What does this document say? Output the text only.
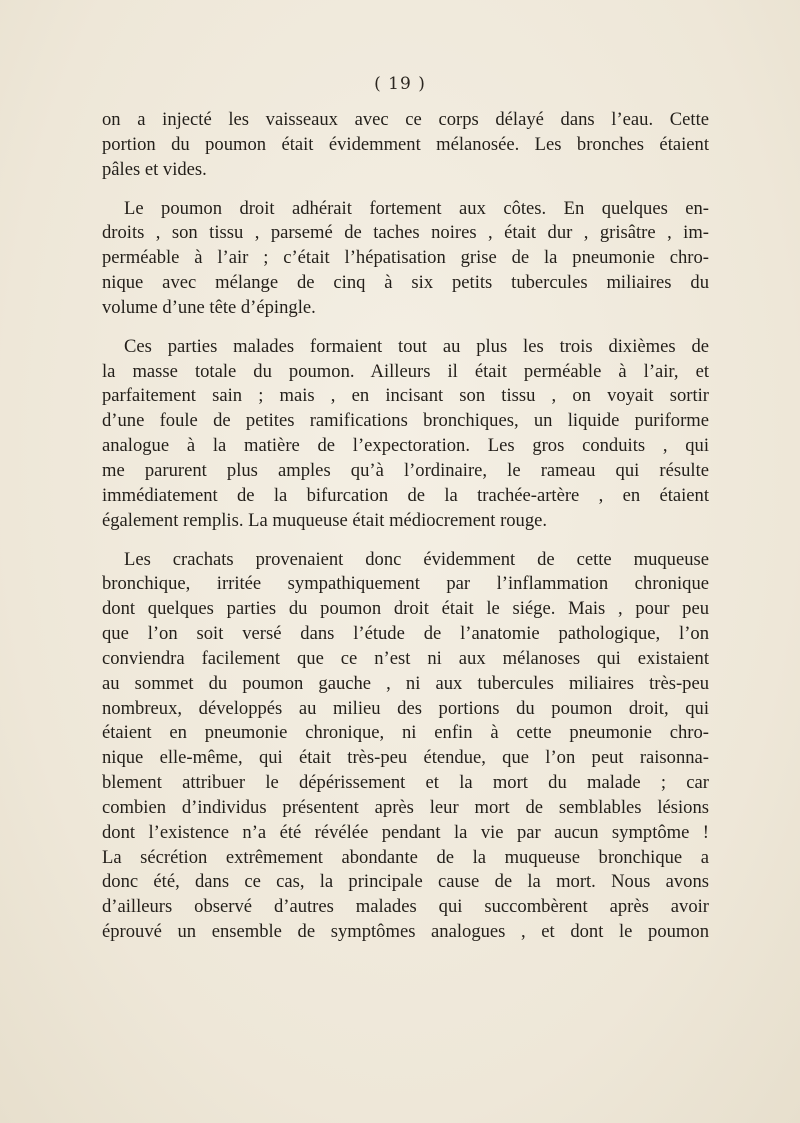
( 19 )

on a injecté les vaisseaux avec ce corps délayé dans l’eau. Cette
portion du poumon était évidemment mélanosée. Les bronches étaient
pâles et vides.

Le poumon droit adhérait fortement aux côtes. En quelques en-
droits , son tissu , parsemé de taches noires , était dur , grisâtre , im-
perméable à l’air ; c’était l’hépatisation grise de la pneumonie chro-
nique avec mélange de cinq à six petits tubercules miliaires du
volume d’une tête d’épingle.

Ces parties malades formaient tout au plus les trois dixièmes de
la masse totale du poumon. Ailleurs il était perméable à l’air, et
parfaitement sain ; mais , en incisant son tissu , on voyait sortir
d’une foule de petites ramifications bronchiques, un liquide puriforme
analogue à la matière de l’expectoration. Les gros conduits , qui
me parurent plus amples qu’à l’ordinaire, le rameau qui résulte
immédiatement de la bifurcation de la trachée-artère , en étaient
également remplis. La muqueuse était médiocrement rouge.

Les crachats provenaient donc évidemment de cette muqueuse
bronchique, irritée sympathiquement par l’inflammation chronique
dont quelques parties du poumon droit était le siége. Mais , pour peu
que l’on soit versé dans l’étude de l’anatomie pathologique, l’on
conviendra facilement que ce n’est ni aux mélanoses qui existaient
au sommet du poumon gauche , ni aux tubercules miliaires très-peu
nombreux, développés au milieu des portions du poumon droit, qui
étaient en pneumonie chronique, ni enfin à cette pneumonie chro-
nique elle-même, qui était très-peu étendue, que l’on peut raisonna-
blement attribuer le dépérissement et la mort du malade ; car
combien d’individus présentent après leur mort de semblables lésions
dont l’existence n’a été révélée pendant la vie par aucun symptôme !
La sécrétion extrêmement abondante de la muqueuse bronchique a
donc été, dans ce cas, la principale cause de la mort. Nous avons
d’ailleurs observé d’autres malades qui succombèrent après avoir
éprouvé un ensemble de symptômes analogues , et dont le poumon
